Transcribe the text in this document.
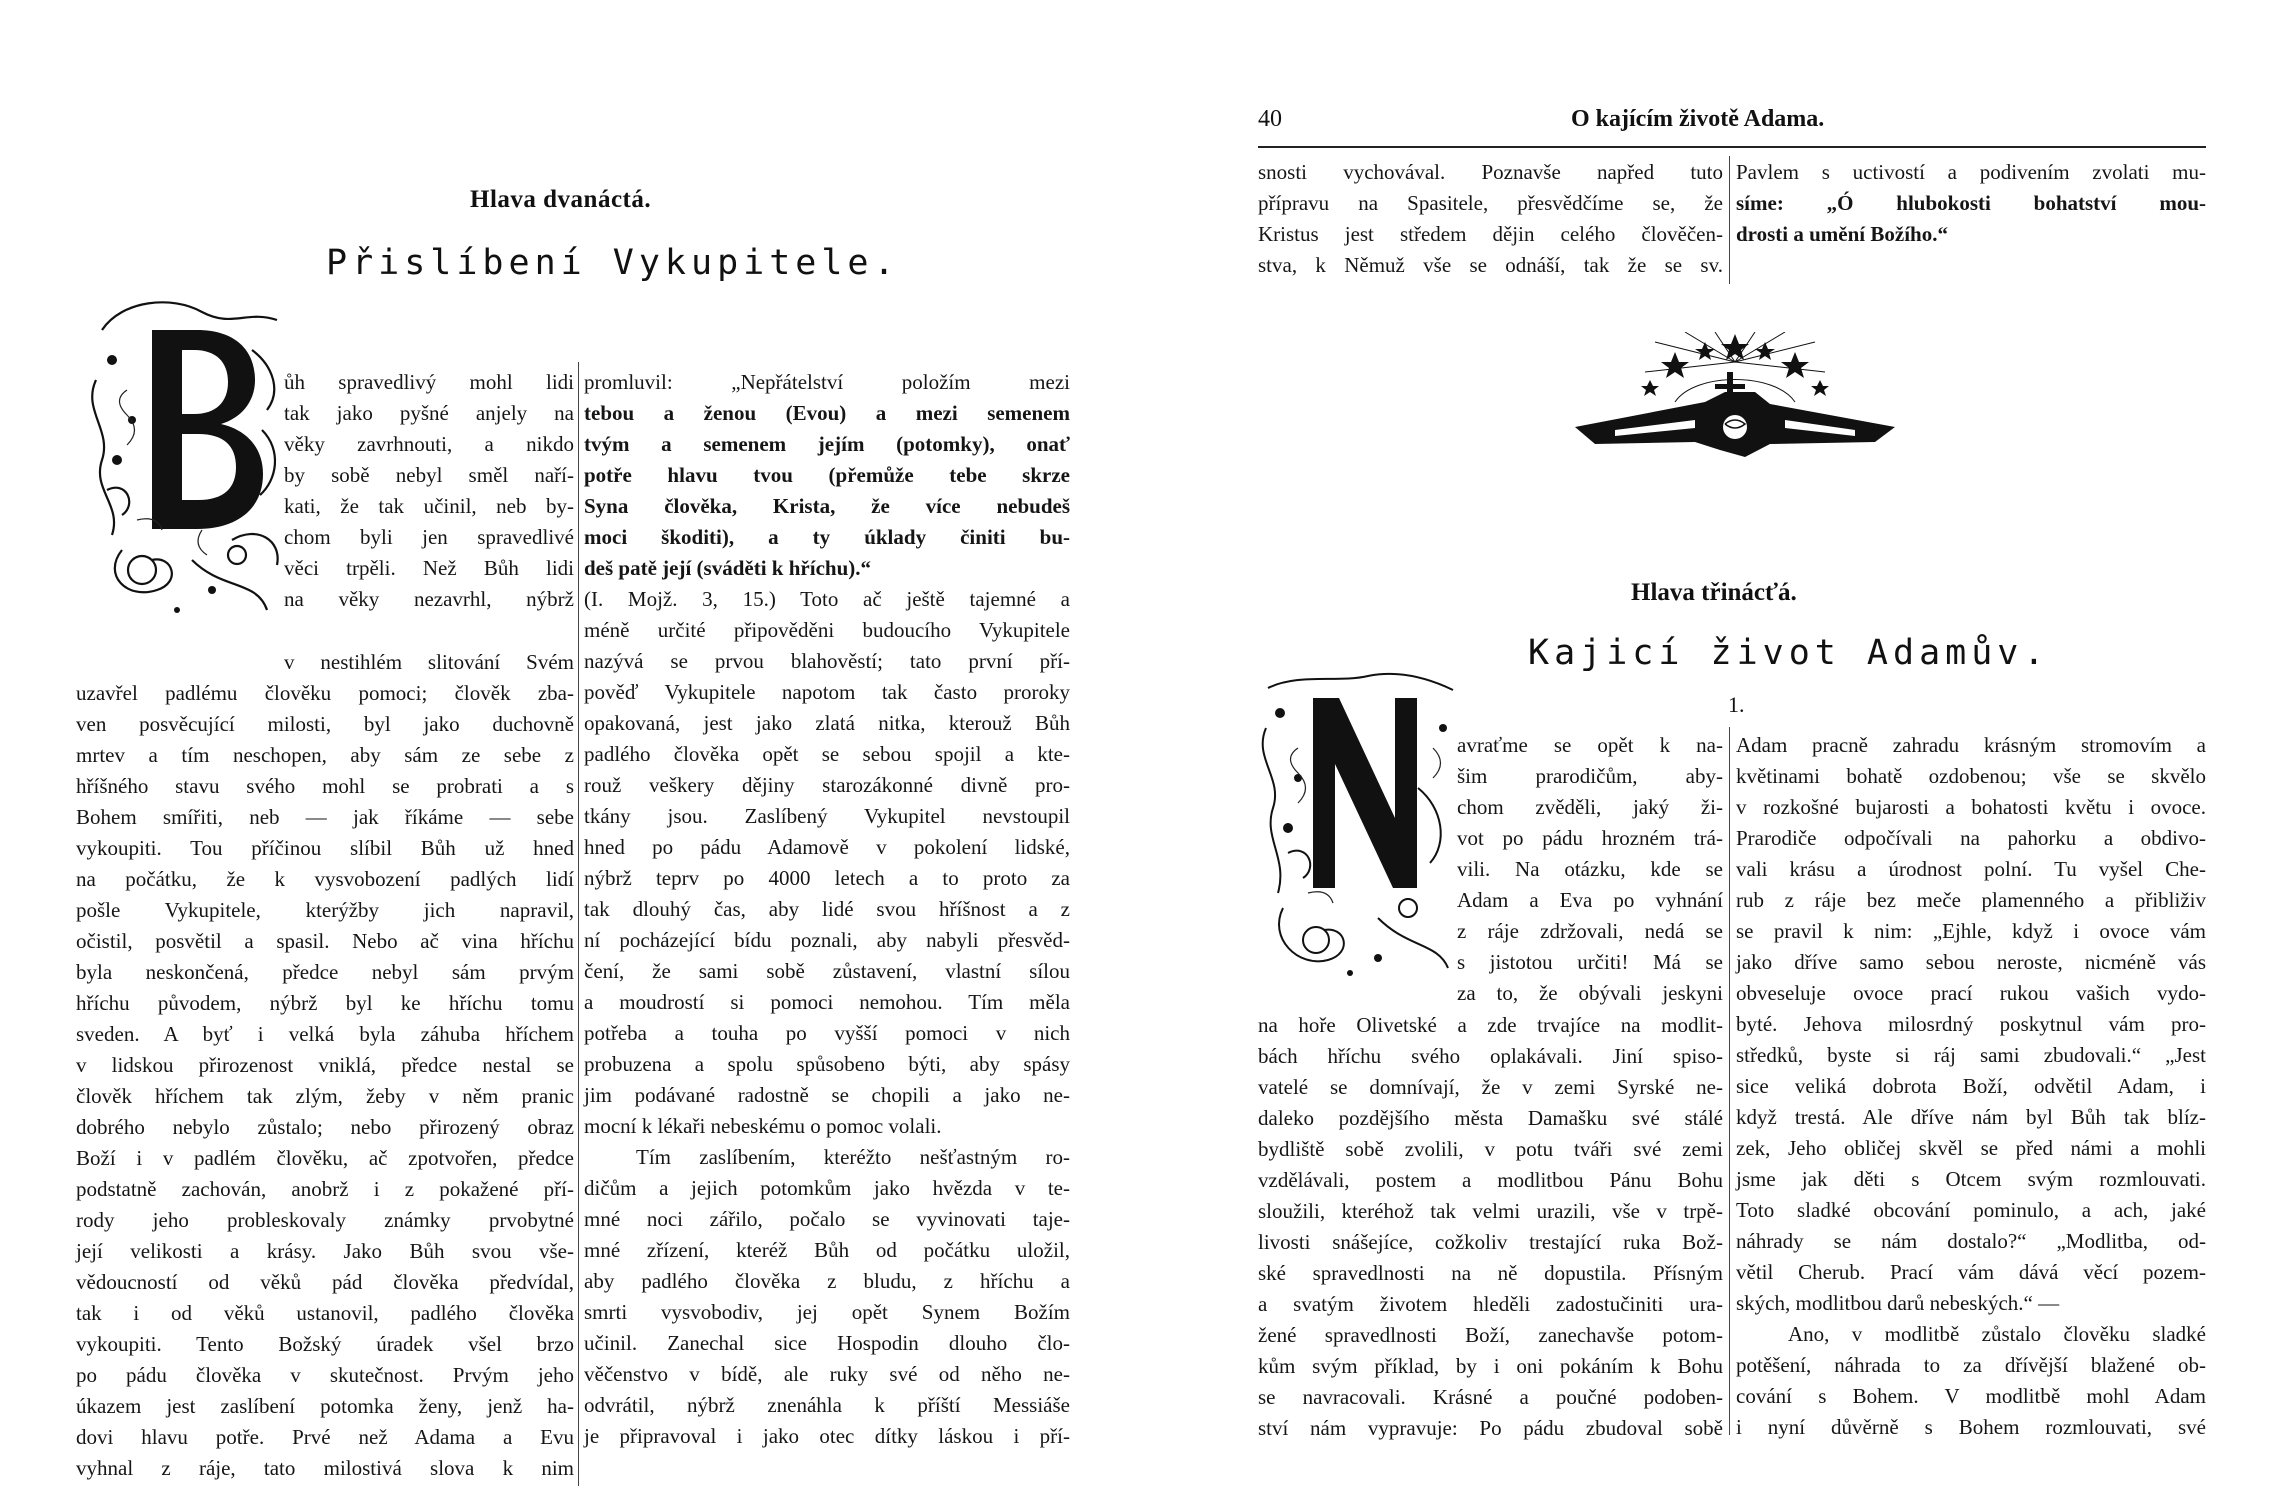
Hlava dvanáctá.
Přislíbení Vykupitele.
ůh spravedlivý mohl lidi
tak jako pyšné anjely na
věky zavrhnouti, a nikdo
by sobě nebyl směl naří-
kati, že tak učinil, neb by-
chom byli jen spravedlivé
věci trpěli. Než Bůh lidi
na věky nezavrhl, nýbrž
v nestihlém slitování Svém
uzavřel padlému člověku pomoci; člověk zba-
ven posvěcující milosti, byl jako duchovně
mrtev a tím neschopen, aby sám ze sebe z
hříšného stavu svého mohl se probrati a s
Bohem smířiti, neb — jak říkáme — sebe
vykoupiti. Tou příčinou slíbil Bůh už hned
na počátku, že k vysvobození padlých lidí
pošle Vykupitele, kterýžby jich napravil,
očistil, posvětil a spasil. Nebo ač vina hříchu
byla neskončená, předce nebyl sám prvým
hříchu původem, nýbrž byl ke hříchu tomu
sveden. A byť i velká byla záhuba hříchem
v lidskou přirozenost vniklá, předce nestal se
člověk hříchem tak zlým, žeby v něm pranic
dobrého nebylo zůstalo; nebo přirozený obraz
Boží i v padlém člověku, ač zpotvořen, předce
podstatně zachován, anobrž i z pokažené pří-
rody jeho probleskovaly známky prvobytné
její velikosti a krásy. Jako Bůh svou vše-
vědoucností od věků pád člověka předvídal,
tak i od věků ustanovil, padlého člověka
vykoupiti. Tento Božský úradek všel brzo
po pádu člověka v skutečnost. Prvým jeho
úkazem jest zaslíbení potomka ženy, jenž ha-
dovi hlavu potře. Prvé než Adama a Evu
vyhnal z ráje, tato milostivá slova k nim
promluvil: „Nepřátelství položím mezi
tebou a ženou (Evou) a mezi semenem
tvým a semenem jejím (potomky), onať
potře hlavu tvou (přemůže tebe skrze
Syna člověka, Krista, že více nebudeš
moci škoditi), a ty úklady činiti bu-
deš patě její (sváděti k hříchu).“
(I. Mojž. 3, 15.) Toto ač ještě tajemné a
méně určité připověděni budoucího Vykupitele
nazývá se prvou blahověstí; tato první pří-
pověď Vykupitele napotom tak často proroky
opakovaná, jest jako zlatá nitka, kterouž Bůh
padlého člověka opět se sebou spojil a kte-
rouž veškery dějiny starozákonné divně pro-
tkány jsou. Zaslíbený Vykupitel nevstoupil
hned po pádu Adamově v pokolení lidské,
nýbrž teprv po 4000 letech a to proto za
tak dlouhý čas, aby lidé svou hříšnost a z
ní pocházející bídu poznali, aby nabyli přesvěd-
čení, že sami sobě zůstavení, vlastní sílou
a moudrostí si pomoci nemohou. Tím měla
potřeba a touha po vyšší pomoci v nich
probuzena a spolu spůsobeno býti, aby spásy
jim podávané radostně se chopili a jako ne-
mocní k lékaři nebeskému o pomoc volali.
Tím zaslíbením, kteréžto nešťastným ro-
dičům a jejich potomkům jako hvězda v te-
mné noci zářilo, počalo se vyvinovati taje-
mné zřízení, kteréž Bůh od počátku uložil,
aby padlého člověka z bludu, z hříchu a
smrti vysvobodiv, jej opět Synem Božím
učinil. Zanechal sice Hospodin dlouho člo-
věčenstvo v bídě, ale ruky své od něho ne-
odvrátil, nýbrž znenáhla k příští Messiáše
je připravoval i jako otec dítky láskou i pří-
40	O kajícím životě Adama.
snosti vychovával. Poznavše napřed tuto
přípravu na Spasitele, přesvědčíme se, že
Kristus jest středem dějin celého člověčen-
stva, k Němuž vše se odnáší, tak že se sv.
Pavlem s uctivostí a podivením zvolati mu-
síme: „Ó hlubokosti bohatství mou-
drosti a umění Božího.“
Hlava třinácťá.
Kajicí život Adamův.
1.
avraťme se opět k na-
šim prarodičům, aby-
chom zvěděli, jaký ži-
vot po pádu hrozném trá-
vili. Na otázku, kde se
Adam a Eva po vyhnání
z ráje zdržovali, nedá se
s jistotou určiti! Má se
za to, že obývali jeskyni
na hoře Olivetské a zde trvajíce na modlit-
bách hříchu svého oplakávali. Jiní spiso-
vatelé se domnívají, že v zemi Syrské ne-
daleko pozdějšího města Damašku své stálé
bydliště sobě zvolili, v potu tváři své zemi
vzdělávali, postem a modlitbou Pánu Bohu
sloužili, kteréhož tak velmi urazili, vše v trpě-
livosti snášejíce, cožkoliv trestající ruka Bož-
ské spravedlnosti na ně dopustila. Přísným
a svatým životem hleděli zadostučiniti ura-
žené spravedlnosti Boží, zanechavše potom-
kům svým příklad, by i oni pokáním k Bohu
se navracovali. Krásné a poučné podoben-
ství nám vypravuje: Po pádu zbudoval sobě
Adam pracně zahradu krásným stromovím a
květinami bohatě ozdobenou; vše se skvělo
v rozkošné bujarosti a bohatosti květu i ovoce.
Prarodiče odpočívali na pahorku a obdivo-
vali krásu a úrodnost polní. Tu vyšel Che-
rub z ráje bez meče plamenného a přibliživ
se pravil k nim: „Ejhle, když i ovoce vám
jako dříve samo sebou neroste, nicméně vás
obveseluje ovoce prací rukou vašich vydo-
byté. Jehova milosrdný poskytnul vám pro-
středků, byste si ráj sami zbudovali.“ „Jest
sice veliká dobrota Boží, odvětil Adam, i
když trestá. Ale dříve nám byl Bůh tak blíz-
zek, Jeho obličej skvěl se před námi a mohli
jsme jak děti s Otcem svým rozmlouvati.
Toto sladké obcování pominulo, a ach, jaké
náhrady se nám dostalo?“ „Modlitba, od-
větil Cherub. Prací vám dává věcí pozem-
ských, modlitbou darů nebeských.“ —
Ano, v modlitbě zůstalo člověku sladké
potěšení, náhrada to za dřívější blažené ob-
cování s Bohem. V modlitbě mohl Adam
i nyní důvěrně s Bohem rozmlouvati, své
